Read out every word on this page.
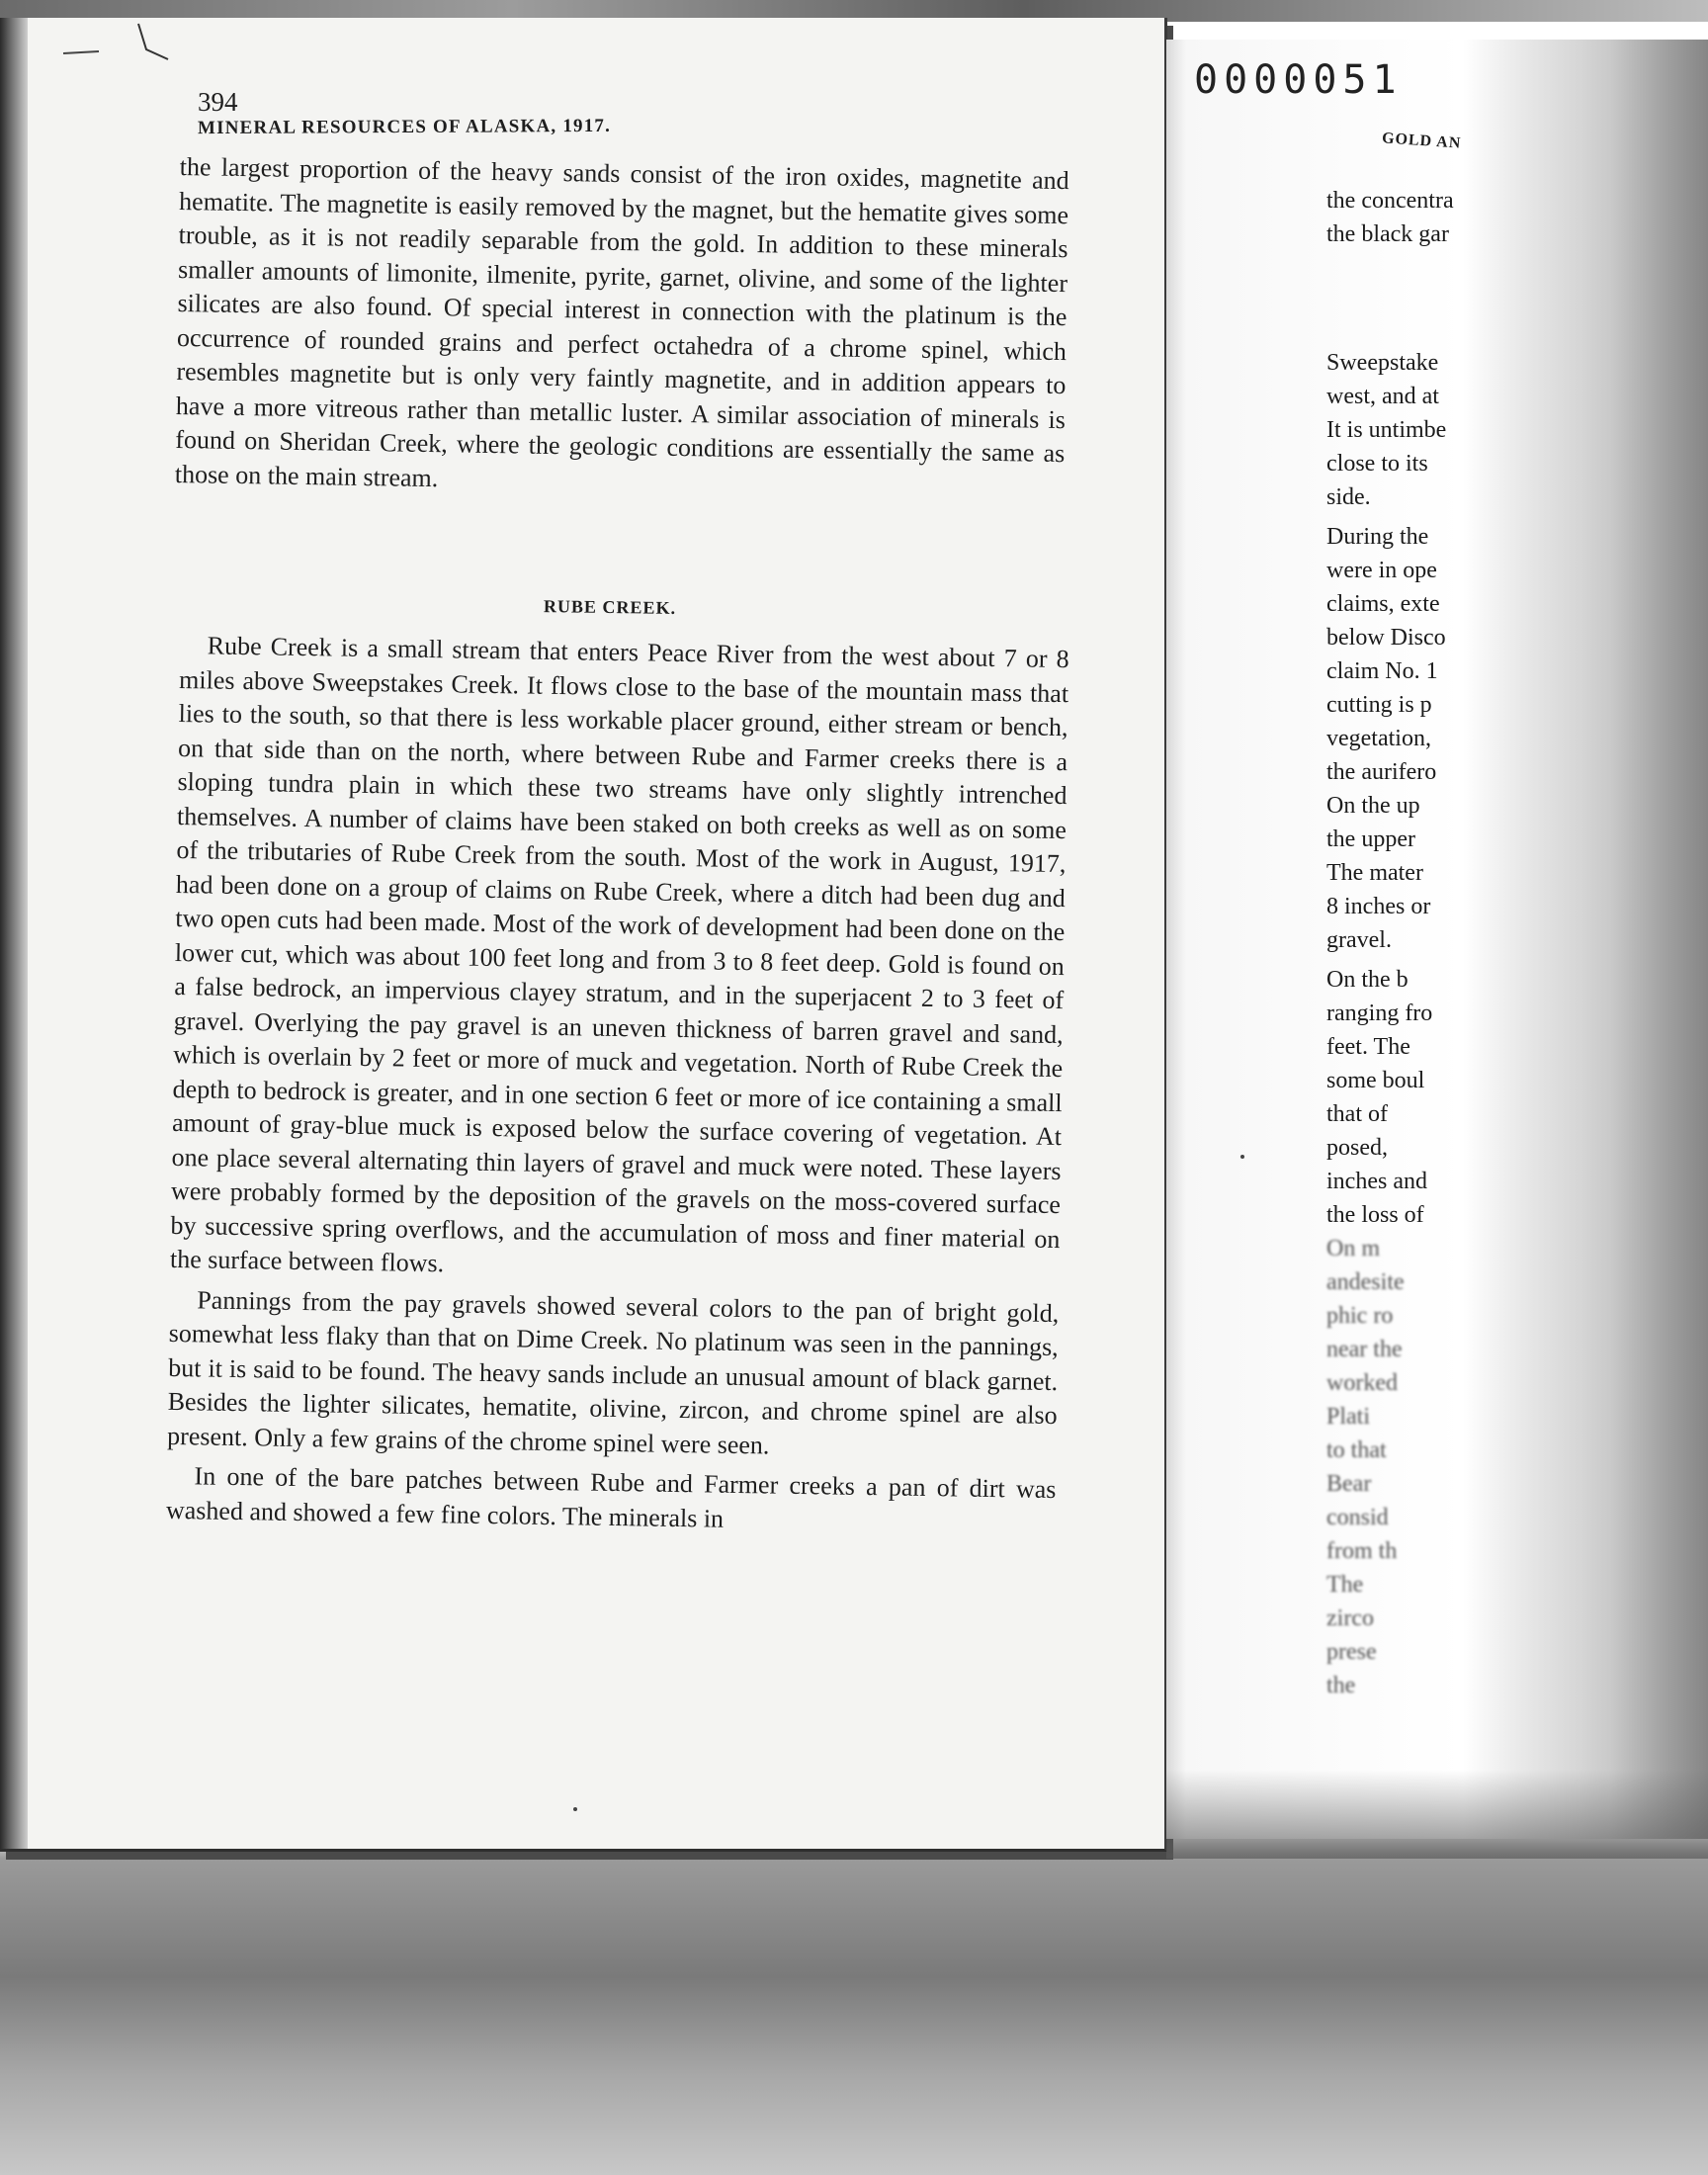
394
MINERAL RESOURCES OF ALASKA, 1917.
0000051

the largest proportion of the heavy sands consist of the iron oxides, magnetite and hematite. The magnetite is easily removed by the magnet, but the hematite gives some trouble, as it is not readily separable from the gold. In addition to these minerals smaller amounts of limonite, ilmenite, pyrite, garnet, olivine, and some of the lighter silicates are also found. Of special interest in connection with the platinum is the occurrence of rounded grains and perfect octahedra of a chrome spinel, which resembles magnetite but is only very faintly magnetite, and in addition appears to have a more vitreous rather than metallic luster. A similar association of minerals is found on Sheridan Creek, where the geologic conditions are essentially the same as those on the main stream.

RUBE CREEK.

Rube Creek is a small stream that enters Peace River from the west about 7 or 8 miles above Sweepstakes Creek. It flows close to the base of the mountain mass that lies to the south, so that there is less workable placer ground, either stream or bench, on that side than on the north, where between Rube and Farmer creeks there is a sloping tundra plain in which these two streams have only slightly intrenched themselves. A number of claims have been staked on both creeks as well as on some of the tributaries of Rube Creek from the south. Most of the work in August, 1917, had been done on a group of claims on Rube Creek, where a ditch had been dug and two open cuts had been made. Most of the work of development had been done on the lower cut, which was about 100 feet long and from 3 to 8 feet deep. Gold is found on a false bedrock, an impervious clayey stratum, and in the superjacent 2 to 3 feet of gravel. Overlying the pay gravel is an uneven thickness of barren gravel and sand, which is overlain by 2 feet or more of muck and vegetation. North of Rube Creek the depth to bedrock is greater, and in one section 6 feet or more of ice containing a small amount of gray-blue muck is exposed below the surface covering of vegetation. At one place several alternating thin layers of gravel and muck were noted. These layers were probably formed by the deposition of the gravels on the moss-covered surface by successive spring overflows, and the accumulation of moss and finer material on the surface between flows.

Pannings from the pay gravels showed several colors to the pan of bright gold, somewhat less flaky than that on Dime Creek. No platinum was seen in the pannings, but it is said to be found. The heavy sands include an unusual amount of black garnet. Besides the lighter silicates, hematite, olivine, zircon, and chrome spinel are also present. Only a few grains of the chrome spinel were seen.

In one of the bare patches between Rube and Farmer creeks a pan of dirt was washed and showed a few fine colors. The minerals in

GOLD AN
the concentra
the black gar
Sweepstake
west, and at
It is untimbe
close to its
side.
During the
were in ope
claims, exte
below Disco
claim No. 1
cutting is p
vegetation,
the aurifero
On the up
the upper
The mater
8 inches or
gravel.
On the b
ranging fro
feet. The
some boul
that of
posed,
inches and
the loss of
On m
andesite
phic ro
near the
worked
Plati
to that
Bear
consid
from th
The
zirco
prese
the
